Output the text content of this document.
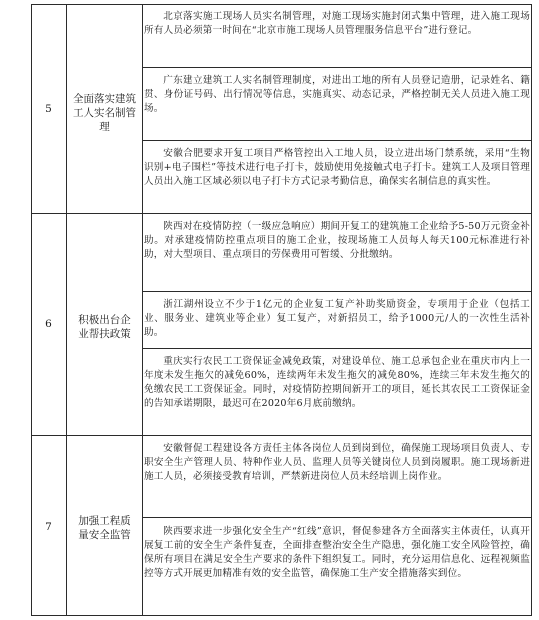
5
全面落实建筑工人实名制管理

北京落实施工现场人员实名制管理，对施工现场实施封闭式集中管理，进入施工现场所有人员必须第一时间在“北京市施工现场人员管理服务信息平台”进行登记。

广东建立建筑工人实名制管理制度，对进出工地的所有人员登记造册，记录姓名、籍贯、身份证号码、出行情况等信息，实施真实、动态记录，严格控制无关人员进入施工现场。

安徽合肥要求开复工项目严格管控出入工地人员，设立进出场门禁系统，采用“生物识别+电子围栏”等技术进行电子打卡，鼓励使用免接触式电子打卡。建筑工人及项目管理人员出入施工区域必须以电子打卡方式记录考勤信息，确保实名制信息的真实性。

6	积极出台企业帮扶政策

陕西对在疫情防控（一级应急响应）期间开复工的建筑施工企业给予5-50万元资金补助。对承建疫情防控重点项目的施工企业，按现场施工人员每人每天100元标准进行补助，对大型项目、重点项目的劳保费用可暂缓、分批缴纳。

浙江湖州设立不少于1亿元的企业复工复产补助奖励资金，专项用于企业（包括工业、服务业、建筑业等企业）复工复产，对新招员工，给予1000元/人的一次性生活补助。

重庆实行农民工工资保证金减免政策，对建设单位、施工总承包企业在重庆市内上一年度未发生拖欠的减免60%，连续两年未发生拖欠的减免80%，连续三年未发生拖欠的免缴农民工工资保证金。同时，对疫情防控期间新开工的项目，延长其农民工工资保证金的告知承诺期限，最迟可在2020年6月底前缴纳。

7	加强工程质量安全监管

安徽督促工程建设各方责任主体各岗位人员到岗到位，确保施工现场项目负责人、专职安全生产管理人员、特种作业人员、监理人员等关键岗位人员到岗履职。施工现场新进施工人员，必须接受教育培训，严禁新进岗位人员未经培训上岗作业。

陕西要求进一步强化安全生产“红线”意识，督促参建各方全面落实主体责任，认真开展复工前的安全生产条件复查，全面排查整治安全生产隐患，强化施工安全风险管控，确保所有项目在满足安全生产要求的条件下组织复工。同时，充分运用信息化、远程视频监控等方式开展更加精准有效的安全监管，确保施工生产安全措施落实到位。
